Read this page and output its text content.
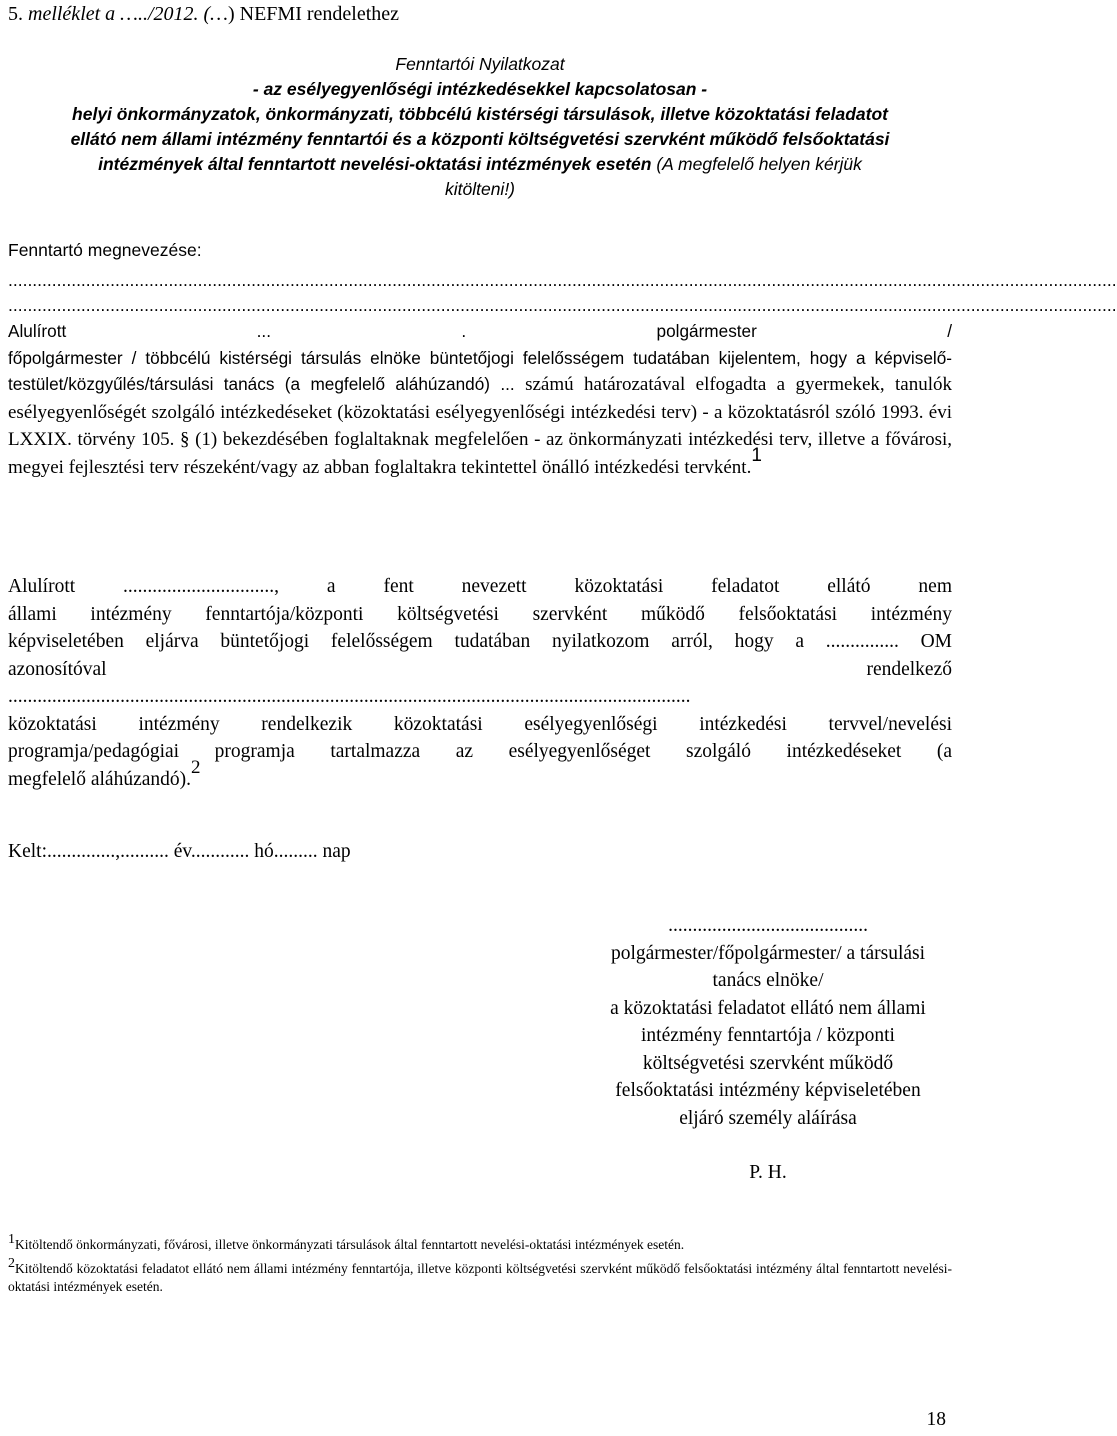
5. melléklet a …../2012. (…) NEFMI rendelethez
Fenntartói Nyilatkozat
- az esélyegyenlőségi intézkedésekkel kapcsolatosan -
helyi önkormányzatok, önkormányzati, többcélú kistérségi társulások, illetve közoktatási feladatot
ellátó nem állami intézmény fenntartói és a központi költségvetési szervként működő felsőoktatási
intézmények által fenntartott nevelési-oktatási intézmények esetén (A megfelelő helyen kérjük
kitölteni!)
Fenntartó megnevezése:
....................................................................................................................................................................................................................................
....................................................................................................................................................................................................................................
Alulírott ...	. polgármester /
főpolgármester / többcélú kistérségi társulás elnöke büntetőjogi felelősségem tudatában kijelentem, hogy a képviselő-testület/közgyűlés/társulási tanács (a megfelelő aláhúzandó) ... számú határozatával elfogadta a gyermekek, tanulók esélyegyenlőségét szolgáló intézkedéseket (közoktatási esélyegyenlőségi intézkedési terv) - a közoktatásról szóló 1993. évi LXXIX. törvény 105. § (1) bekezdésében foglaltaknak megfelelően - az önkormányzati intézkedési terv, illetve a fővárosi, megyei fejlesztési terv részeként/vagy az abban foglaltakra tekintettel önálló intézkedési tervként.$^1$
Alulírott ..............................., a fent nevezett közoktatási feladatot ellátó nem
állami intézmény fenntartója/központi költségvetési szervként működő felsőoktatási intézmény
képviseletében eljárva büntetőjogi felelősségem tudatában nyilatkozom arról, hogy a ............... OM
azonosítóval	rendelkező
............................................................................................................................................
közoktatási intézmény rendelkezik közoktatási esélyegyenlőségi intézkedési tervvel/nevelési
programja/pedagógiai programja tartalmazza az esélyegyenlőséget szolgáló intézkedéseket (a
megfelelő aláhúzandó).$^2$
Kelt:..............,.......... év............ hó......... nap
.........................................
polgármester/főpolgármester/ a társulási
tanács elnöke/
a közoktatási feladatot ellátó nem állami
intézmény fenntartója / központi
költségvetési szervként működő
felsőoktatási intézmény képviseletében
eljáró személy aláírása
P. H.

$^1$Kitöltendő önkormányzati, fővárosi, illetve önkormányzati társulások által fenntartott nevelési-oktatási intézmények esetén.

$^2$Kitöltendő közoktatási feladatot ellátó nem állami intézmény fenntartója, illetve központi költségvetési szervként működő felsőoktatási intézmény által fenntartott nevelési-oktatási intézmények esetén.

18
